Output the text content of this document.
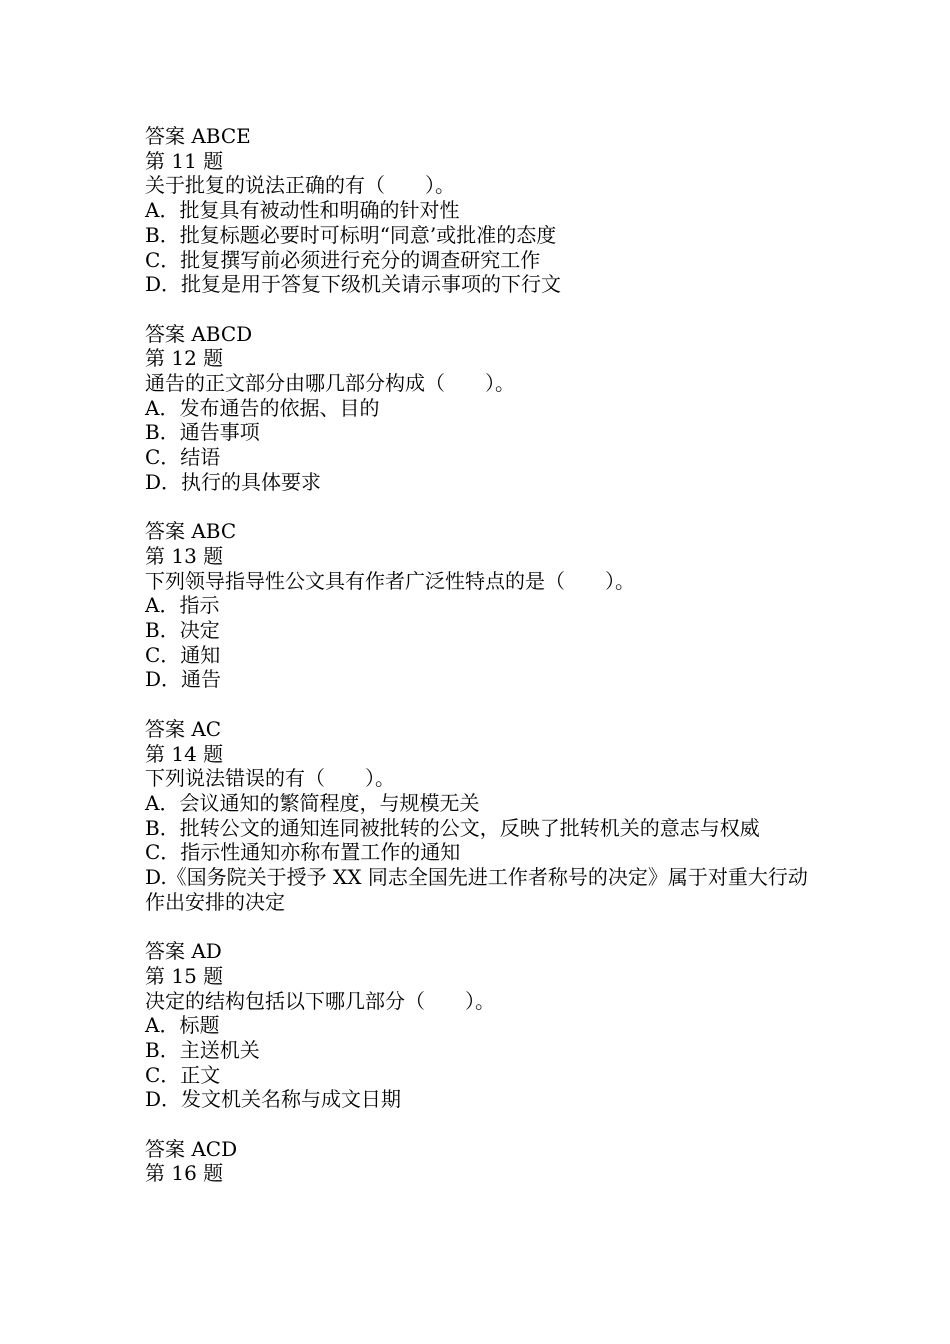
答案 ABCE
第 11 题
关于批复的说法正确的有（　　）。
A．批复具有被动性和明确的针对性
B．批复标题必要时可标明“同意’或批准的态度
C．批复撰写前必须进行充分的调查研究工作
D．批复是用于答复下级机关请示事项的下行文
答案 ABCD
第 12 题
通告的正文部分由哪几部分构成（　　）。
A．发布通告的依据、目的
B．通告事项
C．结语
D．执行的具体要求
答案 ABC
第 13 题
下列领导指导性公文具有作者广泛性特点的是（　　）。
A．指示
B．决定
C．通知
D．通告
答案 AC
第 14 题
下列说法错误的有（　　）。
A．会议通知的繁简程度，与规模无关
B．批转公文的通知连同被批转的公文，反映了批转机关的意志与权威
C．指示性通知亦称布置工作的通知
D.《国务院关于授予 XX 同志全国先进工作者称号的决定》属于对重大行动作出安排的决定
答案 AD
第 15 题
决定的结构包括以下哪几部分（　　）。
A．标题
B．主送机关
C．正文
D．发文机关名称与成文日期
答案 ACD
第 16 题
